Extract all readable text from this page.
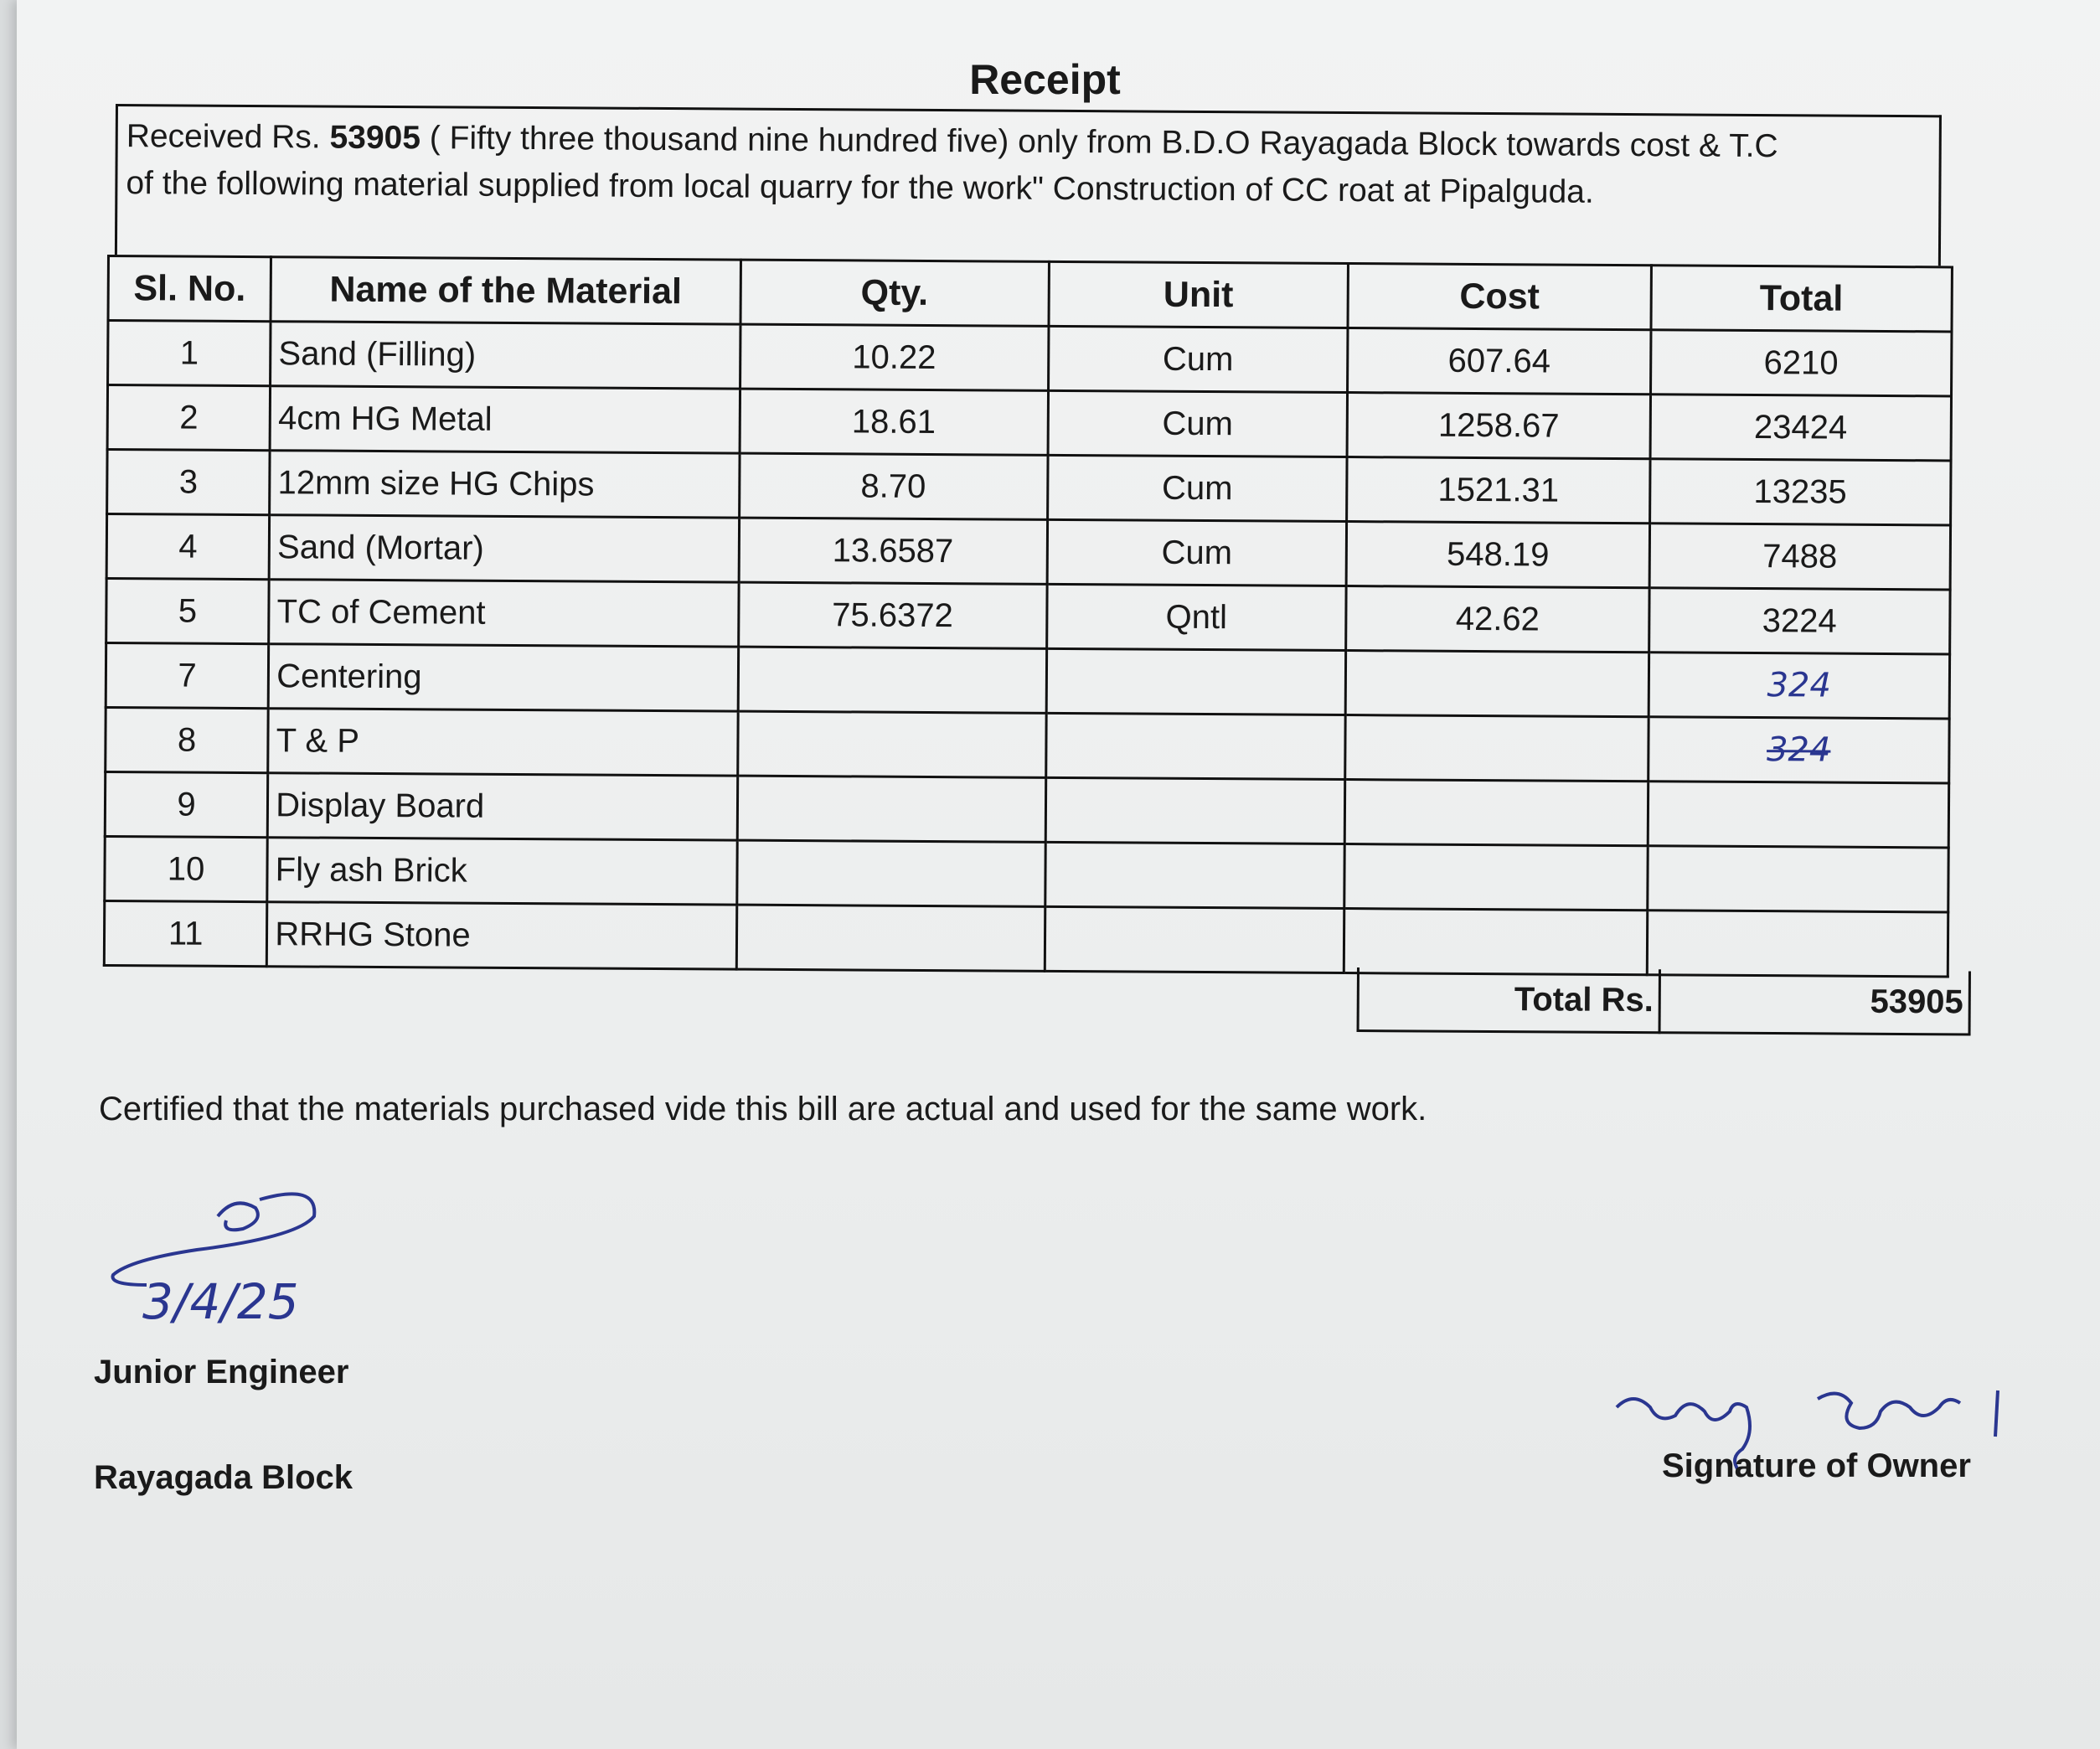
Receipt
Received Rs. 53905 ( Fifty three thousand nine hundred five) only from B.D.O Rayagada Block towards cost & T.C
of the following material supplied from local quarry for the work" Construction of CC roat at Pipalguda.
Sl. No.	Name of the Material	Qty.	Unit	Cost	Total
1	Sand (Filling)	10.22	Cum	607.64	6210
2	4cm HG Metal	18.61	Cum	1258.67	23424
3	12mm size HG Chips	8.70	Cum	1521.31	13235
4	Sand (Mortar)	13.6587	Cum	548.19	7488
5	TC of Cement	75.6372	Qntl	42.62	3224
7	Centering				324
8	T & P				324
9	Display Board				
10	Fly ash Brick				
11	RRHG Stone				
Total Rs.	53905
Certified that the materials purchased vide this bill are actual and used for the same work.
3/4/25
Junior Engineer
Rayagada Block	Signature of Owner
